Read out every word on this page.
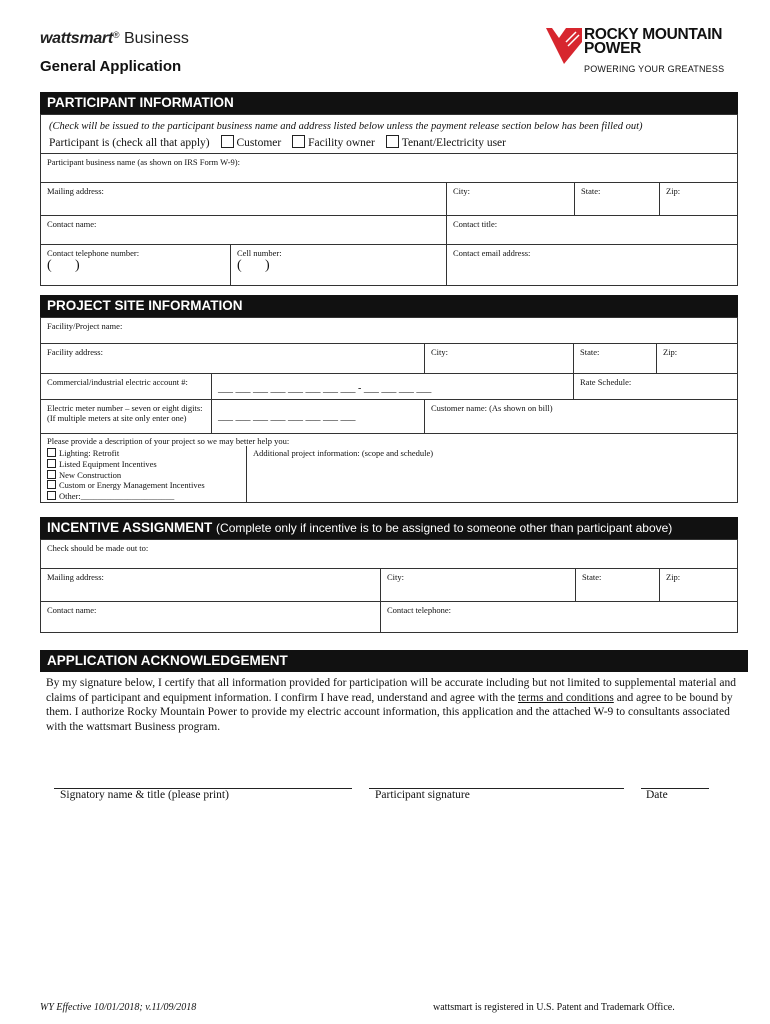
wattsmart® Business
General Application
ROCKY MOUNTAIN
POWER
POWERING YOUR GREATNESS
PARTICIPANT INFORMATION
(Check will be issued to the participant business name and address listed below unless the payment release section below has been filled out)
Participant is (check all that apply) Customer Facility owner Tenant/Electricity user
Participant business name (as shown on IRS Form W-9):
Mailing address:	City:	State:	Zip:
Contact name:	Contact title:
Contact telephone number:
( )
Cell number:
( )
Contact email address:
PROJECT SITE INFORMATION
Facility/Project name:
Facility address:	City:	State:	Zip:
Commercial/industrial electric account #:
___ ___ ___ ___ ___ ___ ___ ___ - ___ ___ ___ ___
Rate Schedule:
Electric meter number – seven or eight digits: (If multiple meters at site only enter one)	___ ___ ___ ___ ___ ___ ___ ___
Customer name: (As shown on bill)
Please provide a description of your project so we may better help you:
Lighting: Retrofit
Listed Equipment Incentives
New Construction
Custom or Energy Management Incentives
Other:______________________
Additional project information: (scope and schedule)
INCENTIVE ASSIGNMENT (Complete only if incentive is to be assigned to someone other than participant above)
Check should be made out to:
Mailing address:	City:	State:	Zip:
Contact name:	Contact telephone:
APPLICATION ACKNOWLEDGEMENT
By my signature below, I certify that all information provided for participation will be accurate including but not limited to supplemental material and claims of participant and equipment information. I confirm I have read, understand and agree with the terms and conditions and agree to be bound by them. I authorize Rocky Mountain Power to provide my electric account information, this application and the attached W-9 to consultants associated with the wattsmart Business program.
Signatory name & title (please print)	Participant signature	Date
WY Effective 10/01/2018; v.11/09/2018	wattsmart is registered in U.S. Patent and Trademark Office.
